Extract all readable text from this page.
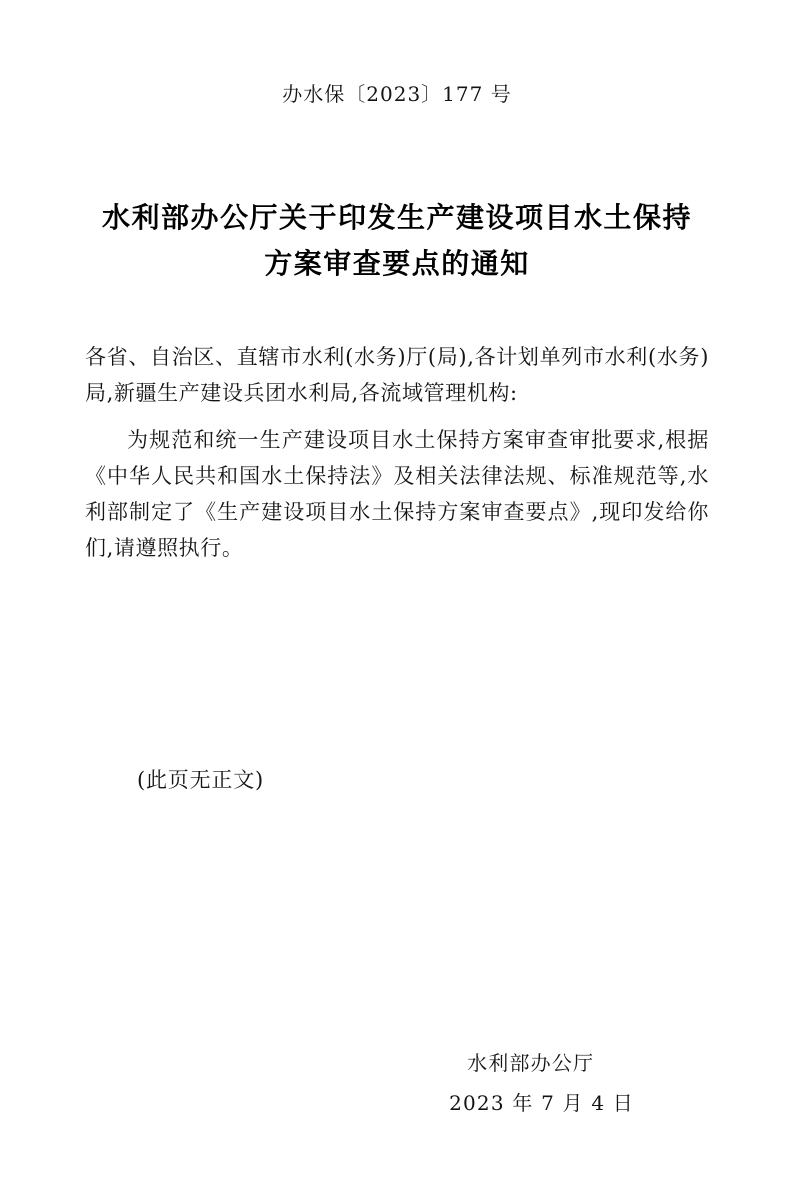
办水保〔2023〕177 号
水利部办公厅关于印发生产建设项目水土保持
方案审查要点的通知

各省、自治区、直辖市水利(水务)厅(局),各计划单列市水利(水务)局,新疆生产建设兵团水利局,各流域管理机构:

为规范和统一生产建设项目水土保持方案审查审批要求,根据《中华人民共和国水土保持法》及相关法律法规、标准规范等,水利部制定了《生产建设项目水土保持方案审查要点》,现印发给你们,请遵照执行。

(此页无正文)
水利部办公厅
2023 年 7 月 4 日
